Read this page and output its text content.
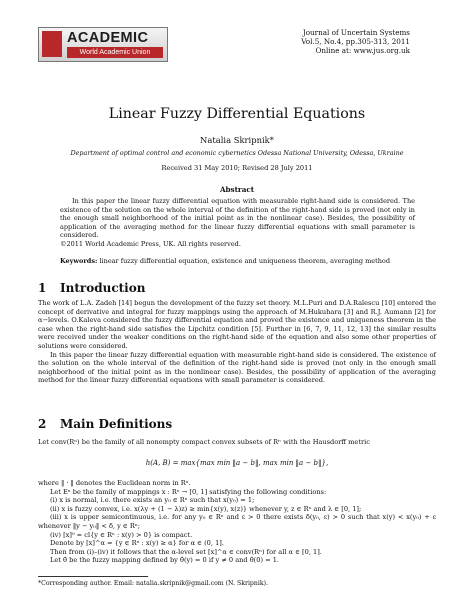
ACADEMIC
World Academic Union
Journal of Uncertain Systems
Vol.5, No.4, pp.305-313, 2011
Online at: www.jus.org.uk
Linear Fuzzy Differential Equations
Natalia Skripnik*
Department of optimal control and economic cybernetics Odessa National University, Odessa, Ukraine
Received 31 May 2010; Revised 28 July 2011
Abstract

In this paper the linear fuzzy differential equation with measurable right-hand side is considered. The existence of the solution on the whole interval of the definition of the right-hand side is proved (not only in the enough small neighborhood of the initial point as in the nonlinear case). Besides, the possibility of application of the averaging method for the linear fuzzy differential equations with small parameter is considered.

©2011 World Academic Press, UK. All rights reserved.

Keywords: linear fuzzy differential equation, existence and uniqueness theorem, averaging method
1 Introduction

The work of L.A. Zadeh [14] begun the development of the fuzzy set theory. M.L.Puri and D.A.Ralescu [10] entered the concept of derivative and integral for fuzzy mappings using the approach of M.Hukuhara [3] and R.J. Aumann [2] for α−levels. O.Kaleva considered the fuzzy differential equation and proved the existence and uniqueness theorem in the case when the right-hand side satisfies the Lipchitz condition [5]. Further in [6, 7, 9, 11, 12, 13] the similar results were received under the weaker conditions on the right-hand side of the equation and also some other properties of solutions were considered.

In this paper the linear fuzzy differential equation with measurable right-hand side is considered. The existence of the solution on the whole interval of the definition of the right-hand side is proved (not only in the enough small neighborhood of the initial point as in the nonlinear case). Besides, the possibility of application of the averaging method for the linear fuzzy differential equations with small parameter is considered.

2 Main Definitions

Let conv(Rⁿ) be the family of all nonempty compact convex subsets of Rⁿ with the Hausdorff metric

h(A, B) = max{max min ‖a − b‖, max min ‖a − b‖},

where ‖ · ‖ denotes the Euclidean norm in Rⁿ.

Let Eⁿ be the family of mappings x : Rⁿ → [0, 1] satisfying the following conditions:

(i) x is normal, i.e. there exists an y₀ ∈ Rⁿ such that x(y₀) = 1;

(ii) x is fuzzy convex, i.e. x(λy + (1 − λ)z) ≥ min{x(y), x(z)} whenever y, z ∈ Rⁿ and λ ∈ [0, 1];

(iii) x is upper semicontinuous, i.e. for any y₀ ∈ Rⁿ and ε > 0 there exists δ(y₀, ε) > 0 such that x(y) < x(y₀) + ε whenever ‖y − y₀‖ < δ, y ∈ Rⁿ;

(iv) [x]⁰ = cl{y ∈ Rⁿ : x(y) > 0} is compact.

Denote by [x]^α = {y ∈ Rⁿ : x(y) ≥ α} for α ∈ (0, 1].

Then from (i)–(iv) it follows that the α-level set [x]^α ∈ conv(Rⁿ) for all α ∈ [0, 1].

Let θ̂ be the fuzzy mapping defined by θ̂(y) = 0 if y ≠ 0 and θ̂(0) = 1.

*Corresponding author. Email: natalia.skripnik@gmail.com (N. Skripnik).
